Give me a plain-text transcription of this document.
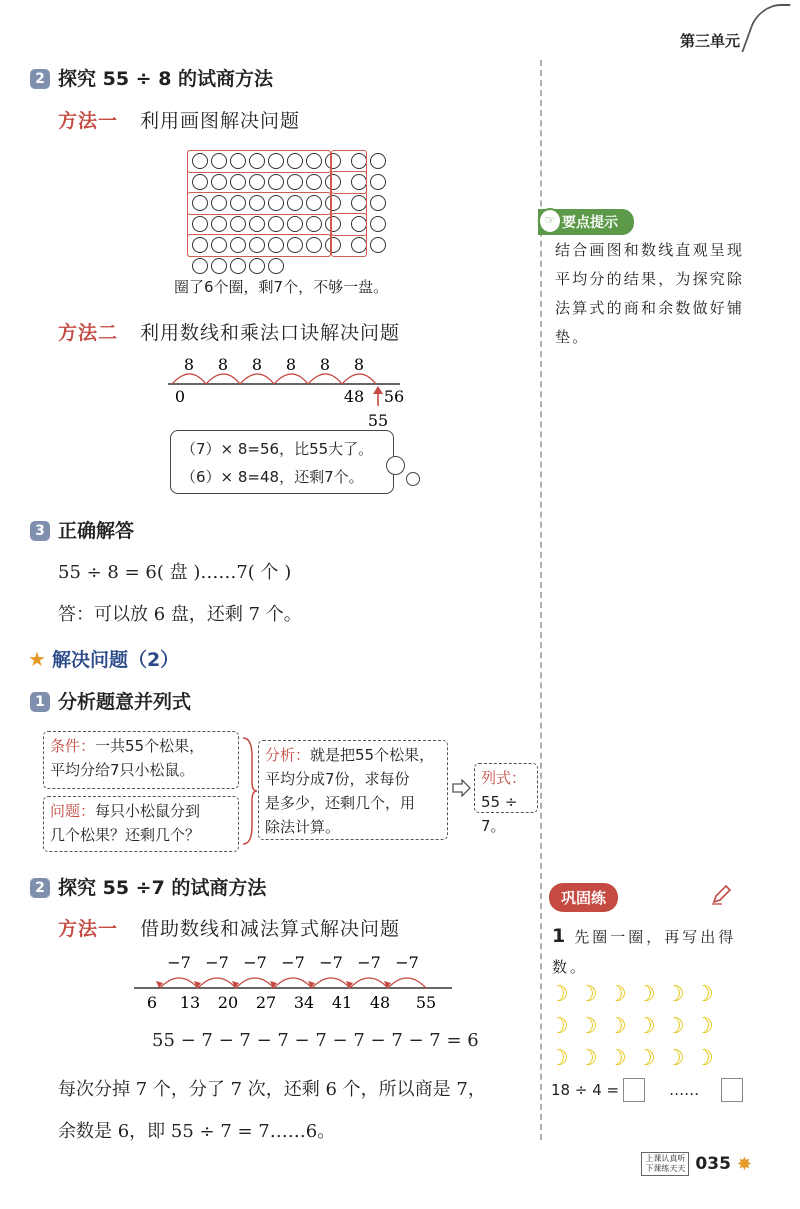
第三单元
2 探究 55 ÷ 8 的试商方法
方法一 利用画图解决问题
圈了6个圈，剩7个，不够一盘。
方法二 利用数线和乘法口诀解决问题
8 8 8 8 8 8
0	48 56
55
（7）× 8=56，比55大了。
（6）× 8=48，还剩7个。
3 正确解答
55 ÷ 8 = 6( 盘 )……7( 个 )
答：可以放 6 盘，还剩 7 个。
★ 解决问题（2）
1 分析题意并列式
条件：一共55个松果，
平均分给7只小松鼠。
问题：每只小松鼠分到
几个松果？还剩几个？
分析：就是把55个松果，
平均分成7份，求每份
是多少，还剩几个，用
除法计算。
列式：
55 ÷ 7。
2 探究 55 ÷7 的试商方法
方法一 借助数线和减法算式解决问题
−7 −7 −7 −7 −7 −7 −7
6 13 20 27 34 41 48 55
55 − 7 − 7 − 7 − 7 − 7 − 7 − 7 = 6
每次分掉 7 个，分了 7 次，还剩 6 个，所以商是 7，
余数是 6，即 55 ÷ 7 = 7……6。
要点提示
☞
结合画图和数线直观呈现平均分的结果，为探究除法算式的商和余数做好铺垫。
巩固练
1 先圈一圈，再写出得数。
☽ ☽ ☽ ☽ ☽ ☽
☽ ☽ ☽ ☽ ☽ ☽
☽ ☽ ☽ ☽ ☽ ☽
18 ÷ 4 =	……
上课认真听
下课练天天 035 ✸
